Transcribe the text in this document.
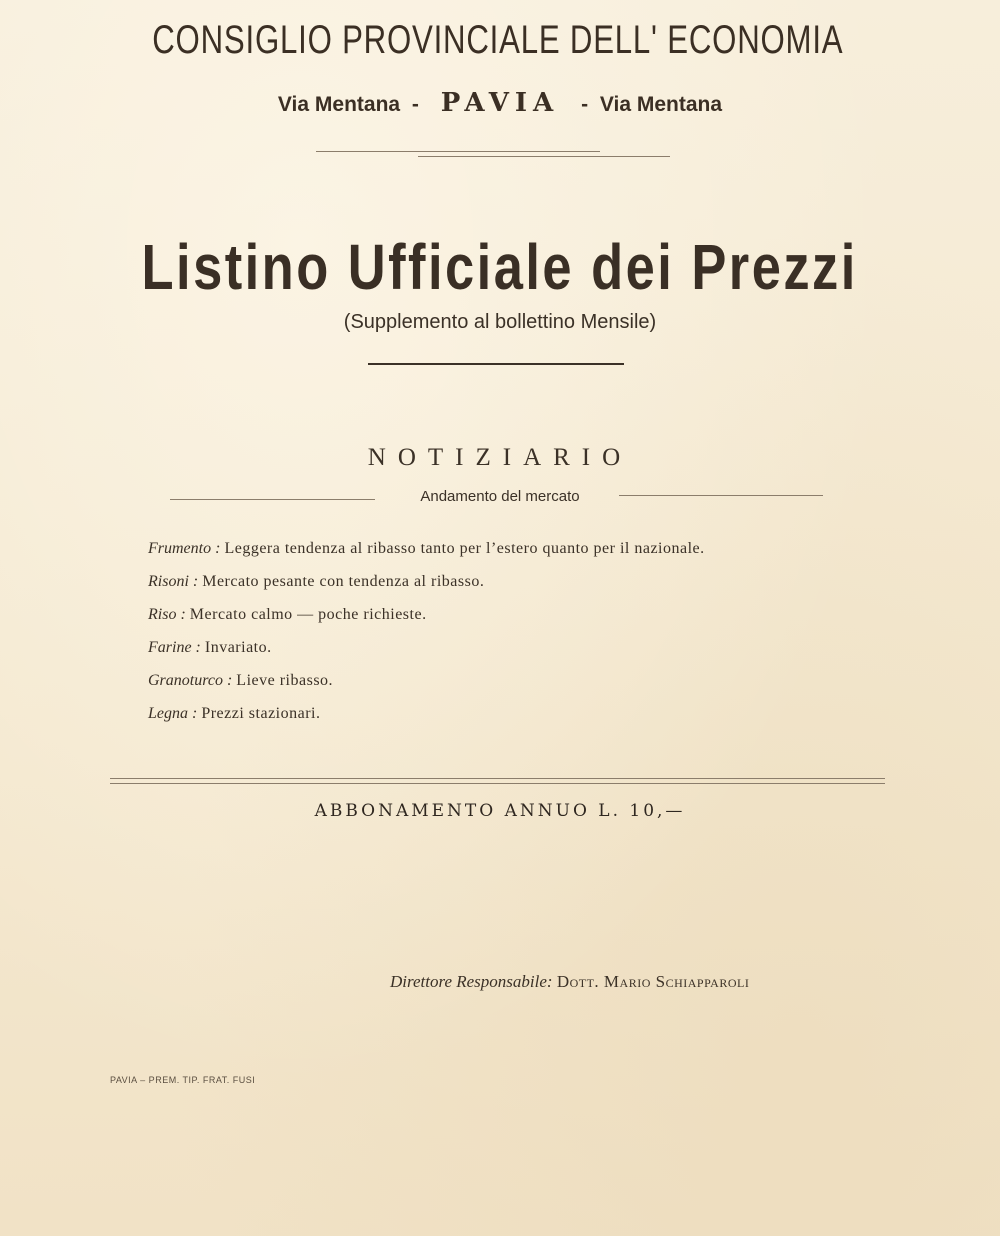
CONSIGLIO PROVINCIALE DELL' ECONOMIA
Via Mentana - PAVIA - Via Mentana
Listino Ufficiale dei Prezzi
(Supplemento al bollettino Mensile)
NOTIZIARIO
Andamento del mercato
Frumento : Leggera tendenza al ribasso tanto per l’estero quanto per il nazionale.
Risoni : Mercato pesante con tendenza al ribasso.
Riso : Mercato calmo — poche richieste.
Farine : Invariato.
Granoturco : Lieve ribasso.
Legna : Prezzi stazionari.
ABBONAMENTO ANNUO L. 10,—
Direttore Responsabile: Dott. Mario Schiapparoli
PAVIA – PREM. TIP. FRAT. FUSI
